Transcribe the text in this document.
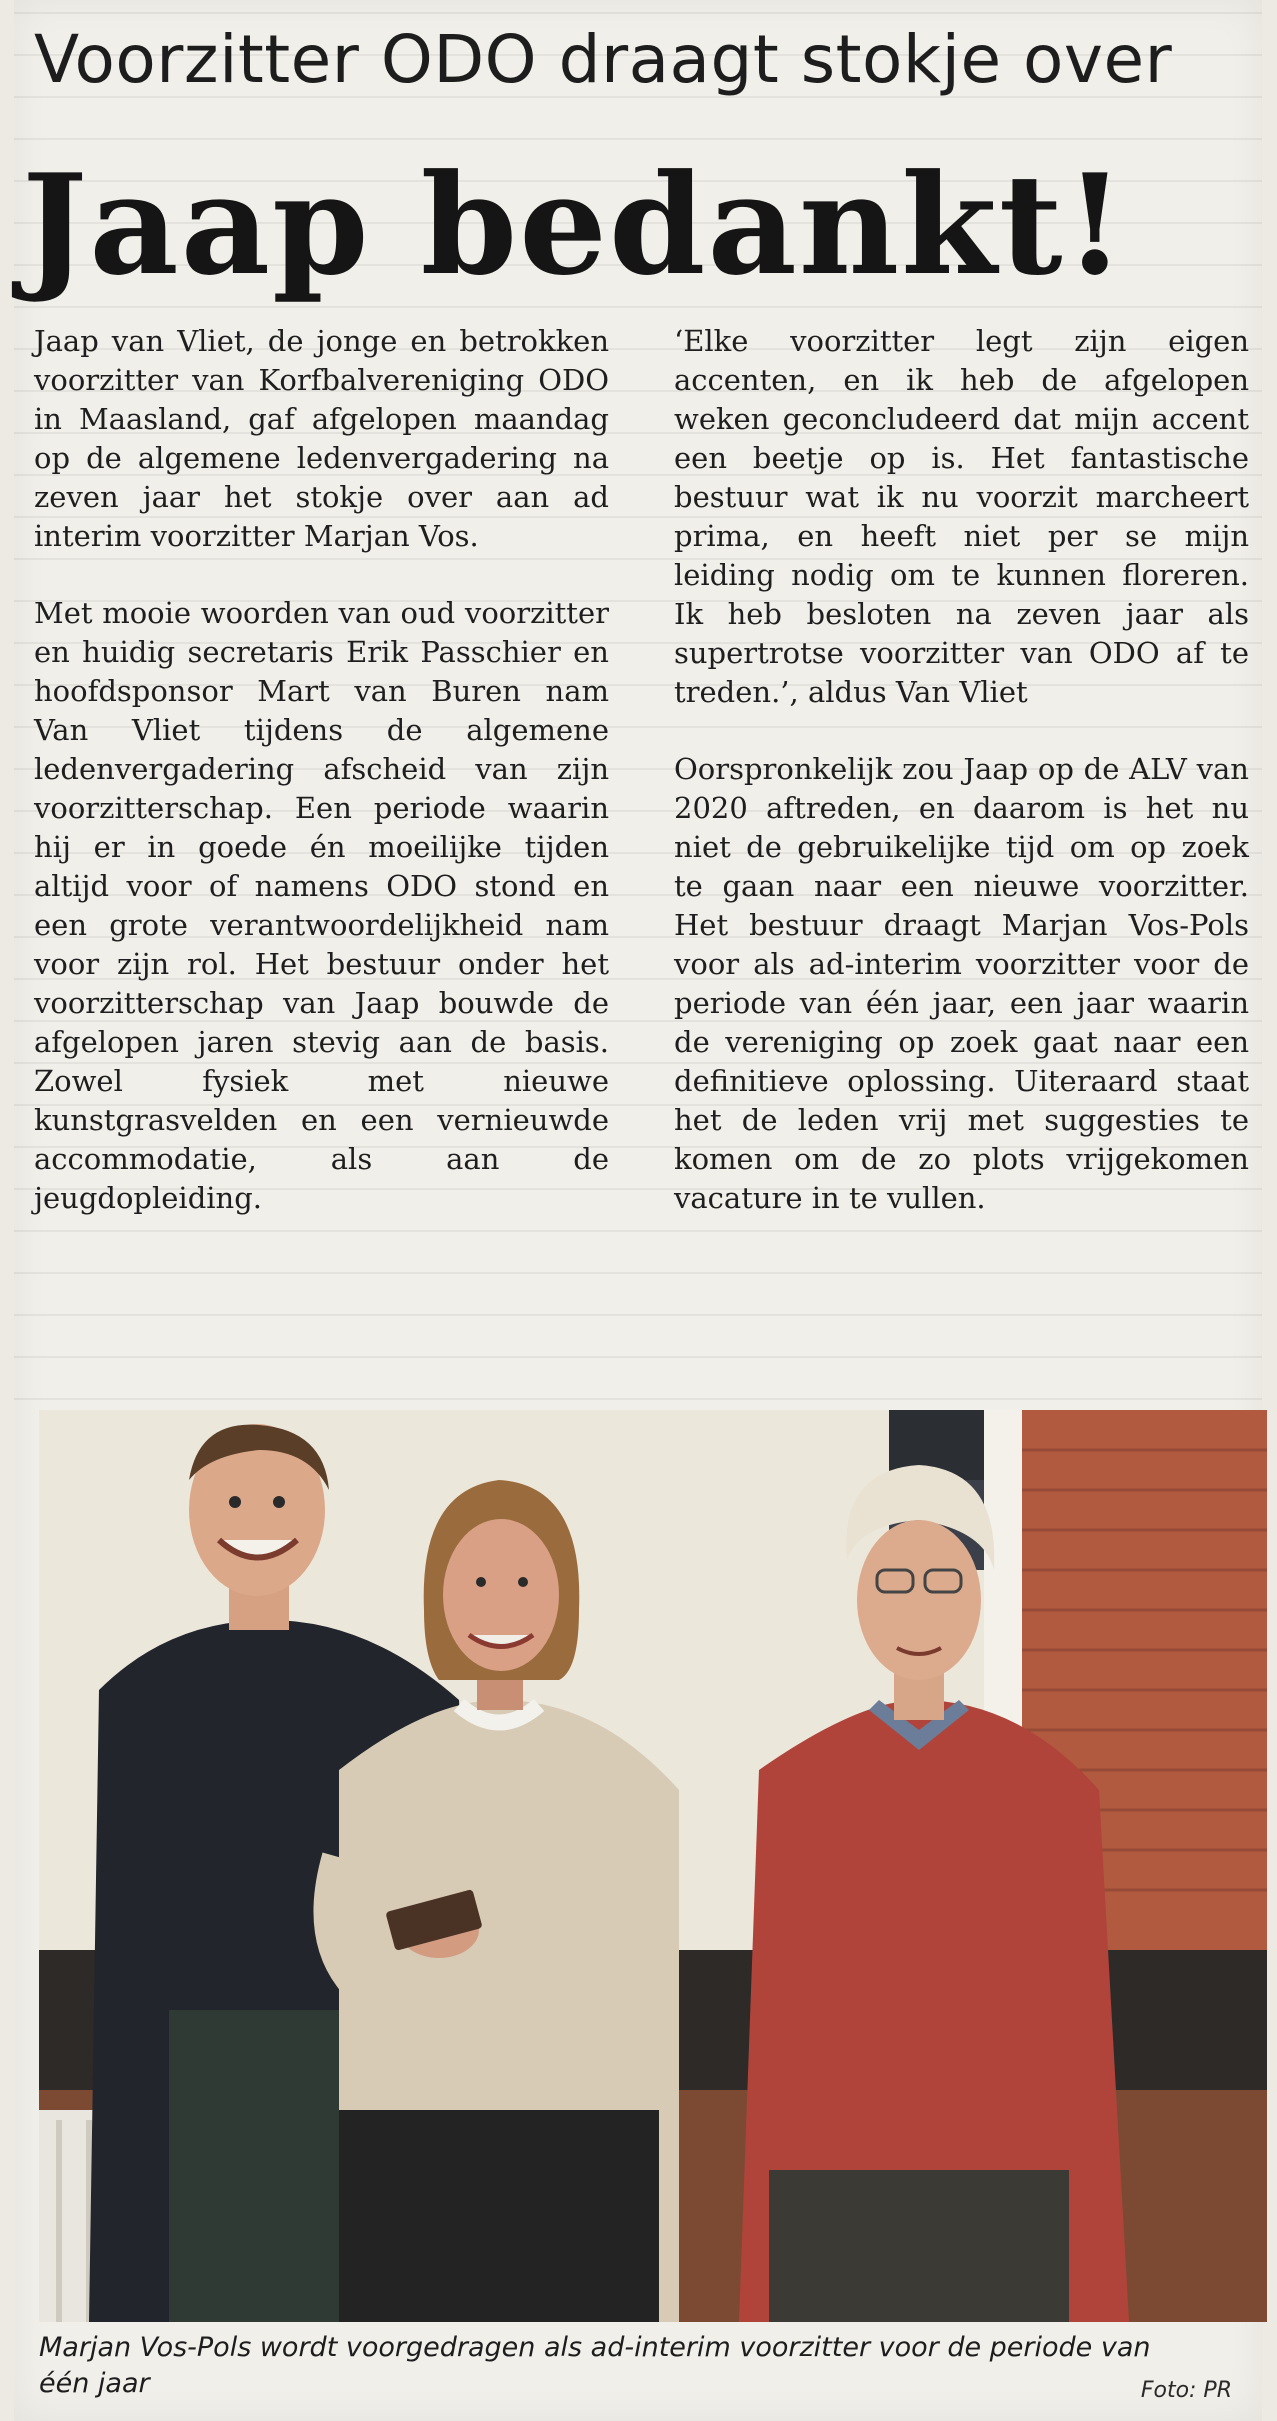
Voorzitter ODO draagt stokje over
Jaap bedankt!

Jaap van Vliet, de jonge en betrokken voorzitter van Korfbalvereniging ODO in Maasland, gaf afgelopen maandag op de algemene ledenvergadering na zeven jaar het stokje over aan ad interim voorzitter Marjan Vos.

Met mooie woorden van oud voorzitter en huidig secretaris Erik Passchier en hoofdsponsor Mart van Buren nam Van Vliet tijdens de algemene ledenvergadering afscheid van zijn voorzitterschap. Een periode waarin hij er in goede én moeilijke tijden altijd voor of namens ODO stond en een grote verantwoordelijkheid nam voor zijn rol. Het bestuur onder het voorzitterschap van Jaap bouwde de afgelopen jaren stevig aan de basis. Zowel fysiek met nieuwe kunstgrasvelden en een vernieuwde accommodatie, als aan de jeugdopleiding.

‘Elke voorzitter legt zijn eigen accenten, en ik heb de afgelopen weken geconcludeerd dat mijn accent een beetje op is. Het fantastische bestuur wat ik nu voorzit marcheert prima, en heeft niet per se mijn leiding nodig om te kunnen floreren. Ik heb besloten na zeven jaar als supertrotse voorzitter van ODO af te treden.’, aldus Van Vliet

Oorspronkelijk zou Jaap op de ALV van 2020 aftreden, en daarom is het nu niet de gebruikelijke tijd om op zoek te gaan naar een nieuwe voorzitter. Het bestuur draagt Marjan Vos-Pols voor als ad-interim voorzitter voor de periode van één jaar, een jaar waarin de vereniging op zoek gaat naar een definitieve oplossing. Uiteraard staat het de leden vrij met suggesties te komen om de zo plots vrijgekomen vacature in te vullen.

Marjan Vos-Pols wordt voorgedragen als ad-interim voorzitter voor de periode van één jaar	Foto: PR
